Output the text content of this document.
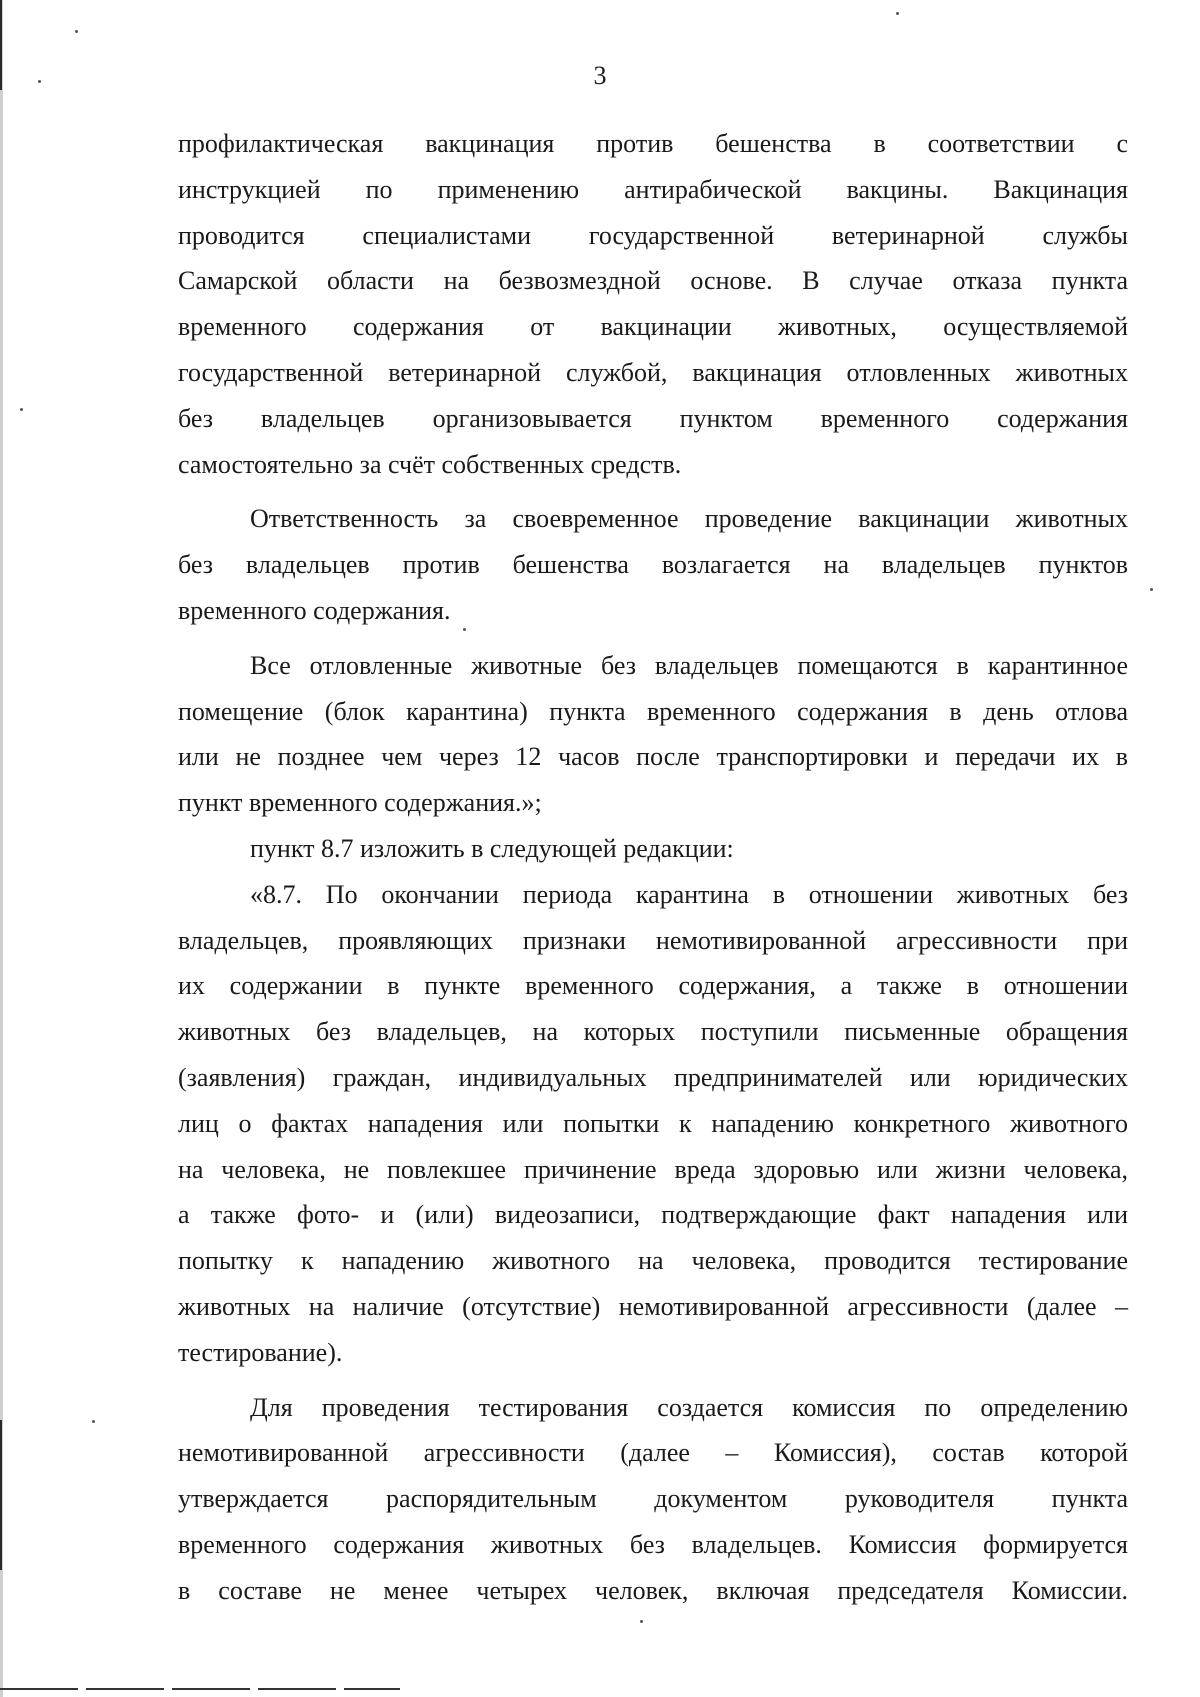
3

профилактическая вакцинация против бешенства в соответствии с
инструкцией по применению антирабической вакцины. Вакцинация
проводится специалистами государственной ветеринарной службы
Самарской области на безвозмездной основе. В случае отказа пункта
временного содержания от вакцинации животных, осуществляемой
государственной ветеринарной службой, вакцинация отловленных животных
без владельцев организовывается пунктом временного содержания
самостоятельно за счёт собственных средств.

Ответственность за своевременное проведение вакцинации животных
без владельцев против бешенства возлагается на владельцев пунктов
временного содержания.

Все отловленные животные без владельцев помещаются в карантинное
помещение (блок карантина) пункта временного содержания в день отлова
или не позднее чем через 12 часов после транспортировки и передачи их в
пункт временного содержания.»;

пункт 8.7 изложить в следующей редакции:

«8.7. По окончании периода карантина в отношении животных без
владельцев, проявляющих признаки немотивированной агрессивности при
их содержании в пункте временного содержания, а также в отношении
животных без владельцев, на которых поступили письменные обращения
(заявления) граждан, индивидуальных предпринимателей или юридических
лиц о фактах нападения или попытки к нападению конкретного животного
на человека, не повлекшее причинение вреда здоровью или жизни человека,
а также фото- и (или) видеозаписи, подтверждающие факт нападения или
попытку к нападению животного на человека, проводится тестирование
животных на наличие (отсутствие) немотивированной агрессивности (далее –
тестирование).

Для проведения тестирования создается комиссия по определению
немотивированной агрессивности (далее – Комиссия), состав которой
утверждается распорядительным документом руководителя пункта
временного содержания животных без владельцев. Комиссия формируется
в составе не менее четырех человек, включая председателя Комиссии.
